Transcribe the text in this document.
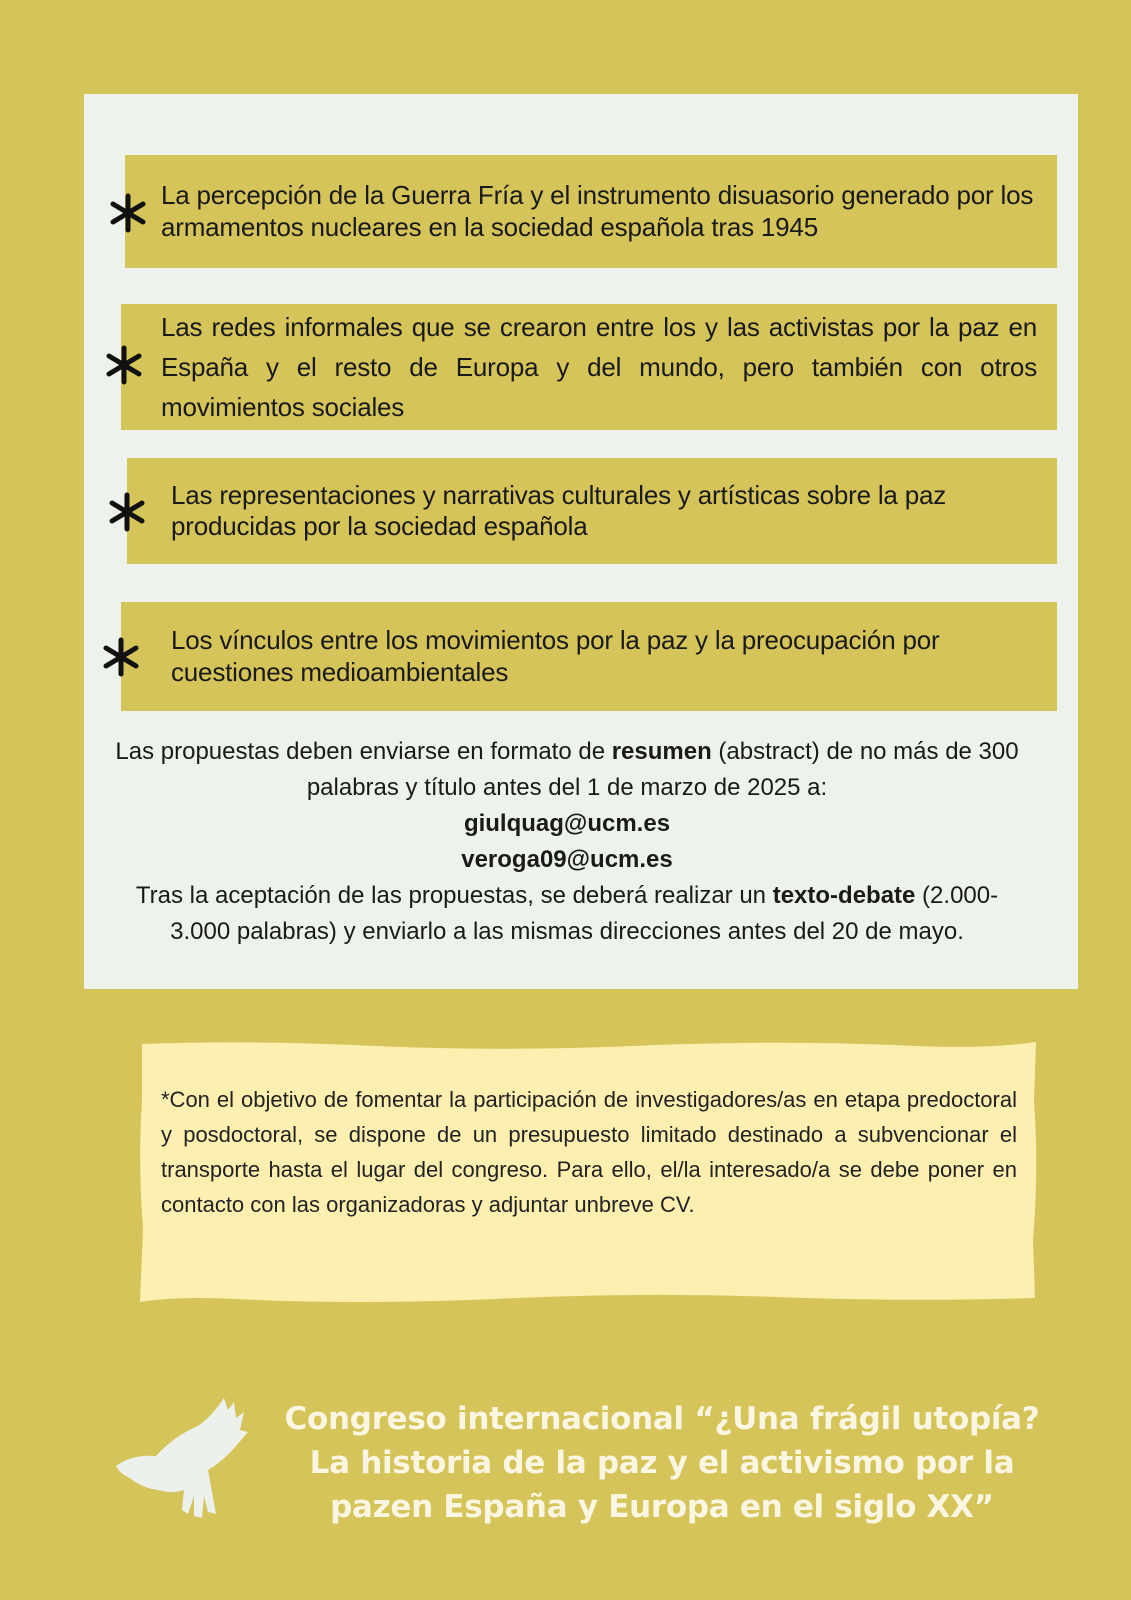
La percepción de la Guerra Fría y el instrumento disuasorio generado por los armamentos nucleares en la sociedad española tras 1945
Las redes informales que se crearon entre los y las activistas por la paz en España y el resto de Europa y del mundo, pero también con otros movimientos sociales
Las representaciones y narrativas culturales y artísticas sobre la paz producidas por la sociedad española
Los vínculos entre los movimientos por la paz y la preocupación por cuestiones medioambientales
Las propuestas deben enviarse en formato de resumen (abstract) de no más de 300 palabras y título antes del 1 de marzo de 2025 a:
giulquag@ucm.es
veroga09@ucm.es
Tras la aceptación de las propuestas, se deberá realizar un texto-debate (2.000-3.000 palabras) y enviarlo a las mismas direcciones antes del 20 de mayo.
*Con el objetivo de fomentar la participación de investigadores/as en etapa predoctoral y posdoctoral, se dispone de un presupuesto limitado destinado a subvencionar el transporte hasta el lugar del congreso. Para ello, el/la interesado/a se debe poner en contacto con las organizadoras y adjuntar unbreve CV.
Congreso internacional “¿Una frágil utopía?
La historia de la paz y el activismo por la
pazen España y Europa en el siglo XX”
